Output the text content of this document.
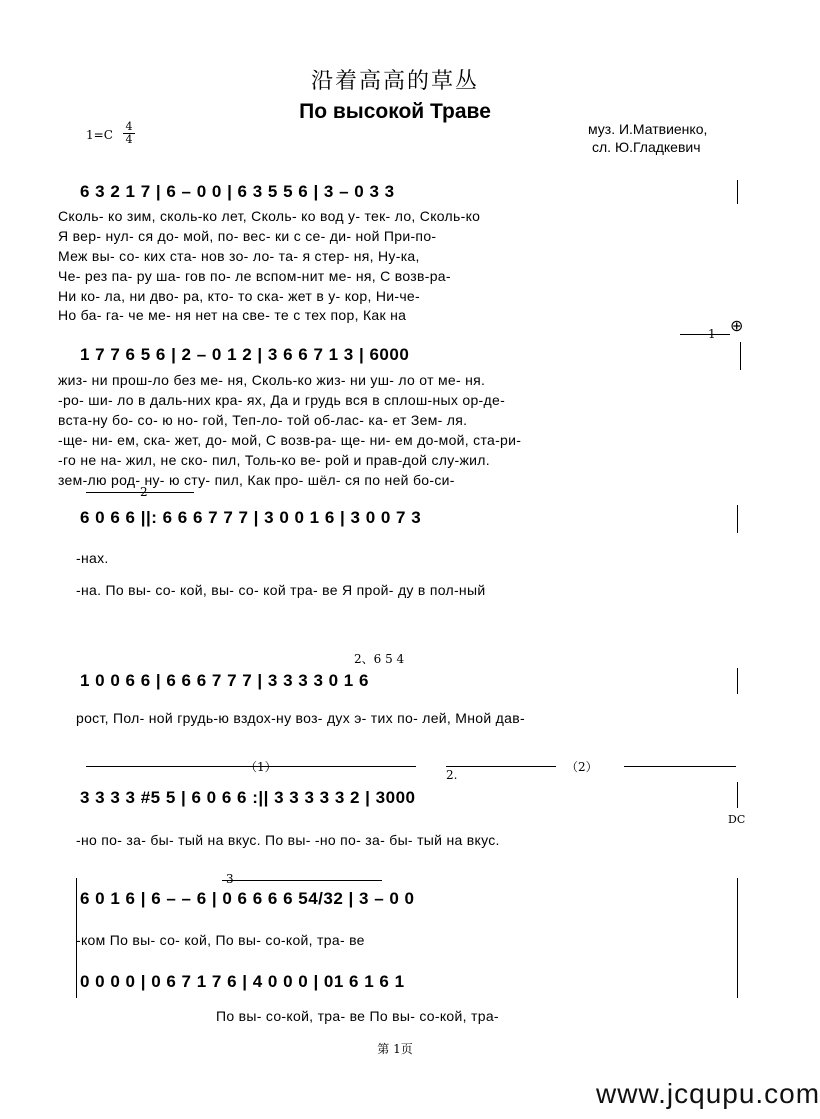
沿着高高的草丛
По высокой Траве
$1=C \frac{4}{4}$	муз. И.Матвиенко,
сл. Ю.Гладкевич
6 3 2 1 7 | 6 – 0 0 | 6 3 5 5 6 | 3 – 0 3 3
Сколь- ко зим, сколь-ко лет, Сколь- ко вод у- тек- ло, Сколь-ко
Я вер- нул- ся до- мой, по- вес- ки с се- ди- ной При-по-
Меж вы- со- ких ста- нов зо- ло- та- я стер- ня, Ну-ка,
Че- рез па- ру ша- гов по- ле вспом-нит ме- ня, С возв-ра-
Ни ко- ла, ни дво- ра, кто- то ска- жет в у- кор, Ни-че-
Но ба- га- че ме- ня нет на све- те с тех пор, Как на
1 ⊕
1 7 7 6 5 6 | 2 – 0 1 2 | 3 6 6 7 1 3 | 6000
жиз- ни прош-ло без ме- ня, Сколь-ко жиз- ни уш- ло от ме- ня.
-ро- ши- ло в даль-них кра- ях, Да и грудь вся в сплош-ных ор-де-
вста-ну бо- со- ю но- гой, Теп-ло- той об-лас- ка- ет Зем- ля.
-ще- ни- ем, ска- жет, до- мой, С возв-ра- ще- ни- ем до-мой, ста-ри-
-го не на- жил, не ско- пил, Толь-ко ве- рой и прав-дой слу-жил.
зем-лю род- ну- ю сту- пил, Как про- шёл- ся по ней бо-си-
2
6 0 6 6 ||: 6 6 6 7 7 7 | 3 0 0 1 6 | 3 0 0 7 3
-нах.
-на. По вы- со- кой, вы- со- кой тра- ве Я прой- ду в пол-ный
2、6 5 4
1 0 0 6 6 | 6 6 6 7 7 7 | 3 3 3 3 0 1 6
рост, Пол- ной грудь-ю вздох-ну воз- дух э- тих по- лей, Мной дав-
（1）
2.
（2）
3 3 3 3 #5 5 | 6 0 6 6 :|| 3 3 3 3 3 2 | 3000
DC
-но по- за- бы- тый на вкус. По вы- -но по- за- бы- тый на вкус.
3
6 0 1 6 | 6 – – 6 | 0 6 6 6 6 54/32 | 3 – 0 0
-ком По вы- со- кой, По вы- со-кой, тра- ве
0 0 0 0 | 0 6 7 1 7 6 | 4 0 0 0 | 01 6 1 6 1
По вы- со-кой, тра- ве По вы- со-кой, тра-
第 1页
www.jcqupu.com
